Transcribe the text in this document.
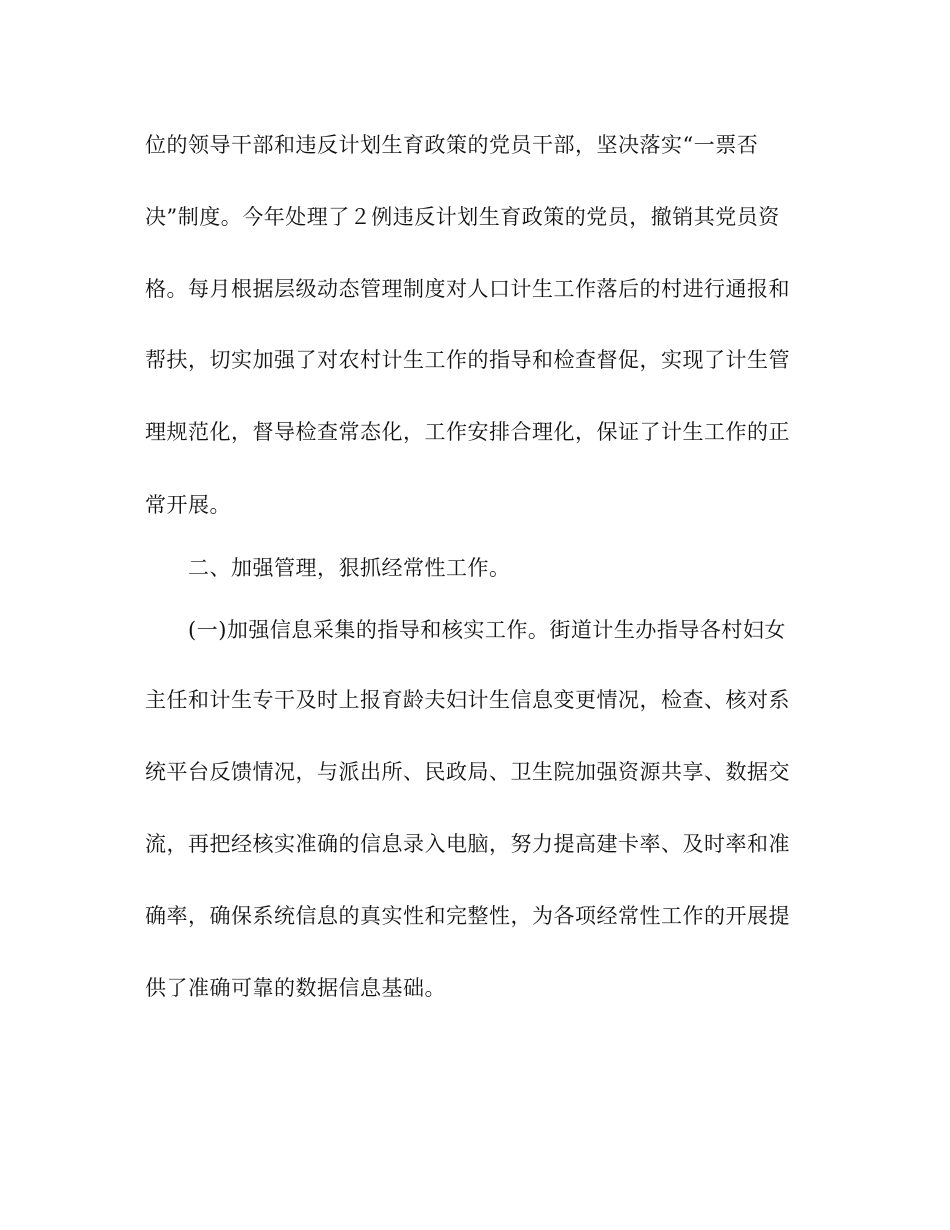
位的领导干部和违反计划生育政策的党员干部，坚决落实“一票否
决”制度。今年处理了２例违反计划生育政策的党员，撤销其党员资
格。每月根据层级动态管理制度对人口计生工作落后的村进行通报和
帮扶，切实加强了对农村计生工作的指导和检查督促，实现了计生管
理规范化，督导检查常态化，工作安排合理化，保证了计生工作的正
常开展。
二、加强管理，狠抓经常性工作。
(一)加强信息采集的指导和核实工作。街道计生办指导各村妇女
主任和计生专干及时上报育龄夫妇计生信息变更情况，检查、核对系
统平台反馈情况，与派出所、民政局、卫生院加强资源共享、数据交
流，再把经核实准确的信息录入电脑，努力提高建卡率、及时率和准
确率，确保系统信息的真实性和完整性，为各项经常性工作的开展提
供了准确可靠的数据信息基础。
